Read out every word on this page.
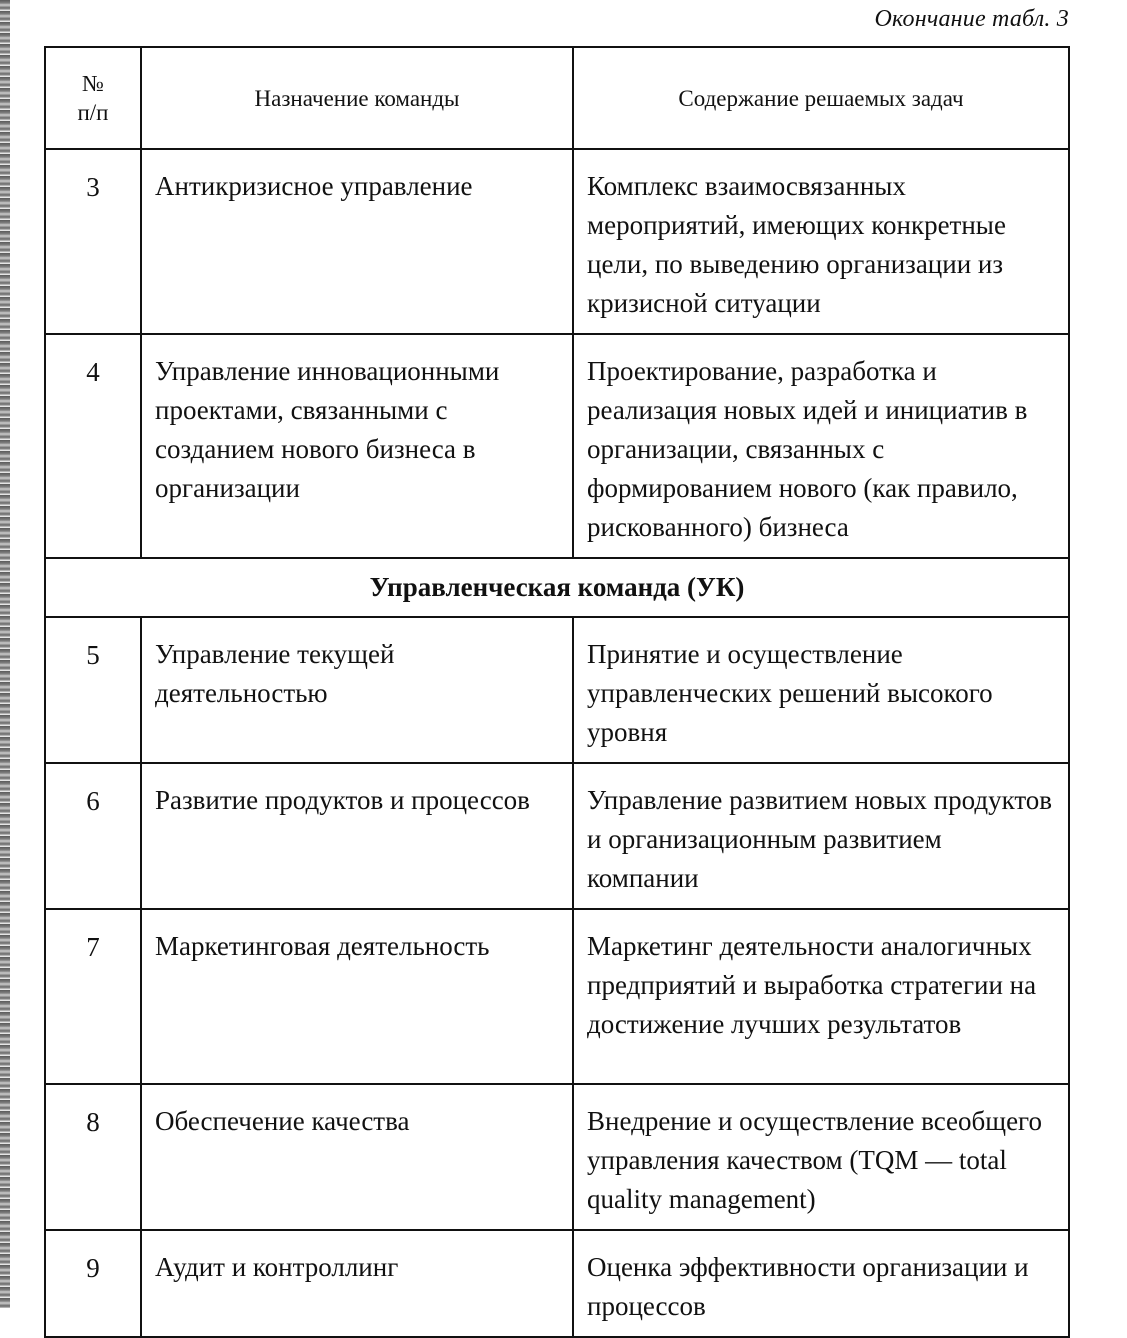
Окончание табл. 3
№
п/п	Назначение команды	Содержание решаемых задач
3	Антикризисное управление	Комплекс взаимосвязанных мероприятий, имеющих конкретные цели, по выведению организации из кризисной ситуации
4	Управление инновационными проектами, связанными с созданием нового бизнеса в организации	Проектирование, разработка и реализация новых идей и инициатив в организации, связанных с формированием нового (как правило, рискованного) бизнеса
Управленческая команда (УК)		
5	Управление текущей деятельностью	Принятие и осуществление управленческих решений высокого уровня
6	Развитие продуктов и процессов	Управление развитием новых продуктов и организационным развитием компании
7	Маркетинговая деятельность	Маркетинг деятельности аналогичных предприятий и выработка стратегии на достижение лучших результатов
8	Обеспечение качества	Внедрение и осуществление всеобщего управления качеством (TQM — total quality management)
9	Аудит и контроллинг	Оценка эффективности организации и процессов
